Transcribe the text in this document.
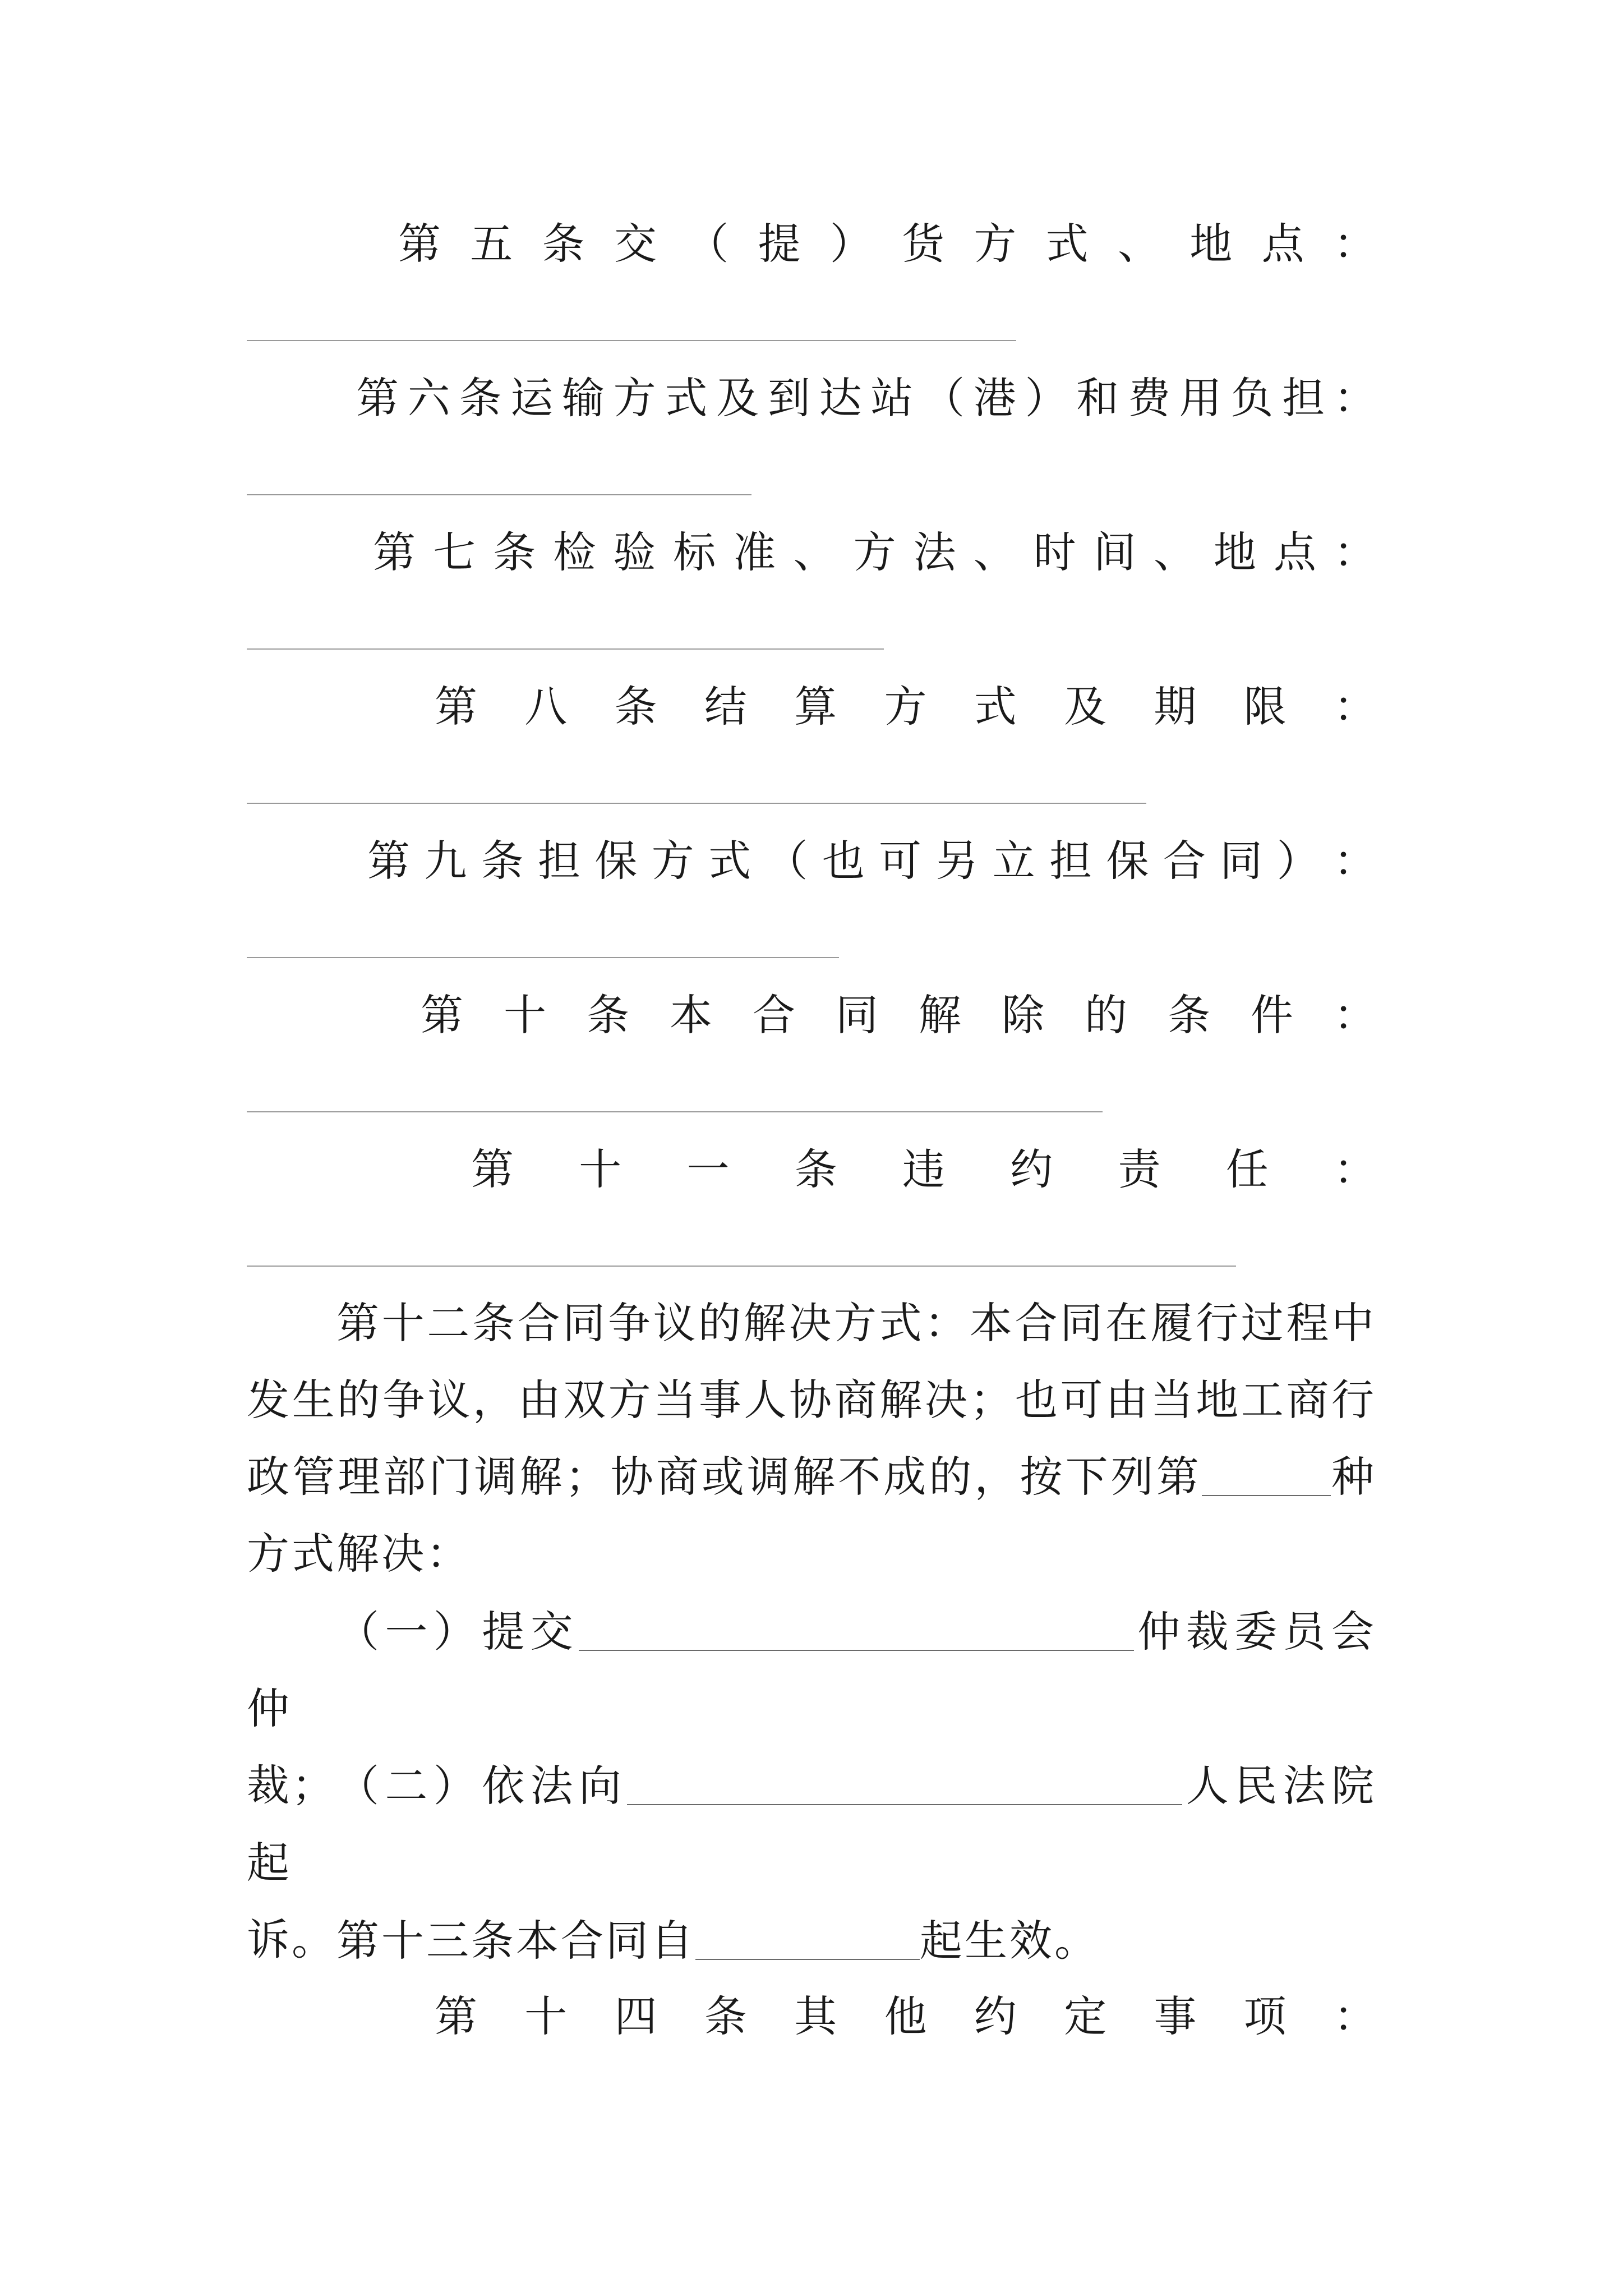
第 五 条 交 （ 提 ） 货 方 式 、 地 点 ：
第 六 条 运 输 方 式 及 到 达 站 （ 港 ） 和 费 用 负 担 ：
第 七 条 检 验 标 准 、 方 法 、 时 间 、 地 点 ：
第 八 条 结 算 方 式 及 期 限 ：
第 九 条 担 保 方 式 （ 也 可 另 立 担 保 合 同 ） ：
第 十 条 本 合 同 解 除 的 条 件 ：
第 十 一 条 违 约 责 任 ：
第十二条合同争议的解决方式：本合同在履行过程中发生的争议，由双方当事人协商解决；也可由当地工商行政管理部门调解；协商或调解不成的，按下列第	种方式解决：
（一）提交	仲裁委员会仲
裁； （二）依法向	人民法院起
诉。 第十三条本合同自	起生效。
第 十 四 条 其 他 约 定 事 项 ：
